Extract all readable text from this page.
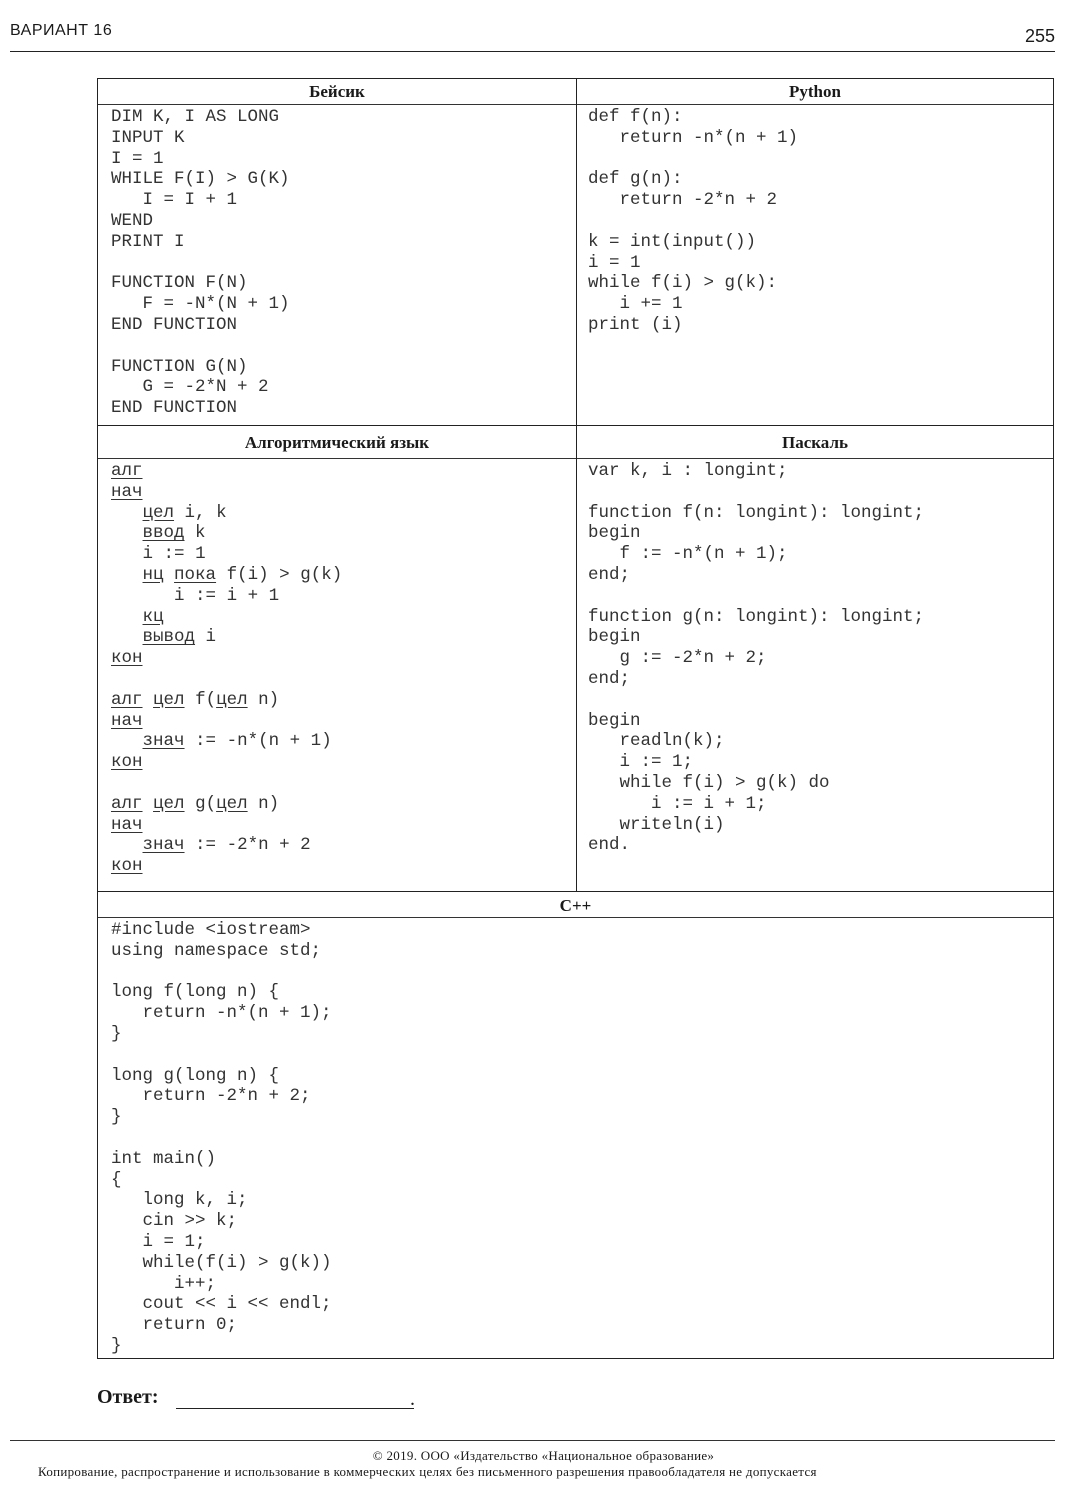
ВАРИАНТ 16	255
Бейсик
DIM K, I AS LONG
INPUT K
I = 1
WHILE F(I) > G(K)
I = I + 1
WEND
PRINT I
FUNCTION F(N)
F = -N*(N + 1)
END FUNCTION
FUNCTION G(N)
G = -2*N + 2
END FUNCTION
Python
def f(n):
return -n*(n + 1)
def g(n):
return -2*n + 2
k = int(input())
i = 1
while f(i) > g(k):
i += 1
print (i)
Алгоритмический язык
алг
нач
цел i, k
ввод k
i := 1
нц пока f(i) > g(k)
i := i + 1
кц
вывод i
кон
алг цел f(цел n)
нач
знач := -n*(n + 1)
кон
алг цел g(цел n)
нач
знач := -2*n + 2
кон
Паскаль
var k, i : longint;
function f(n: longint): longint;
begin
f := -n*(n + 1);
end;
function g(n: longint): longint;
begin
g := -2*n + 2;
end;
begin
readln(k);
i := 1;
while f(i) > g(k) do
i := i + 1;
writeln(i)
end.
C++
#include <iostream>
using namespace std;
long f(long n) {
return -n*(n + 1);
}
long g(long n) {
return -2*n + 2;
}
int main()
{
long k, i;
cin >> k;
i = 1;
while(f(i) > g(k))
i++;
cout << i << endl;
return 0;
}
Ответ:	.
© 2019. ООО «Издательство «Национальное образование»
Копирование, распространение и использование в коммерческих целях без письменного разрешения правообладателя не допускается
